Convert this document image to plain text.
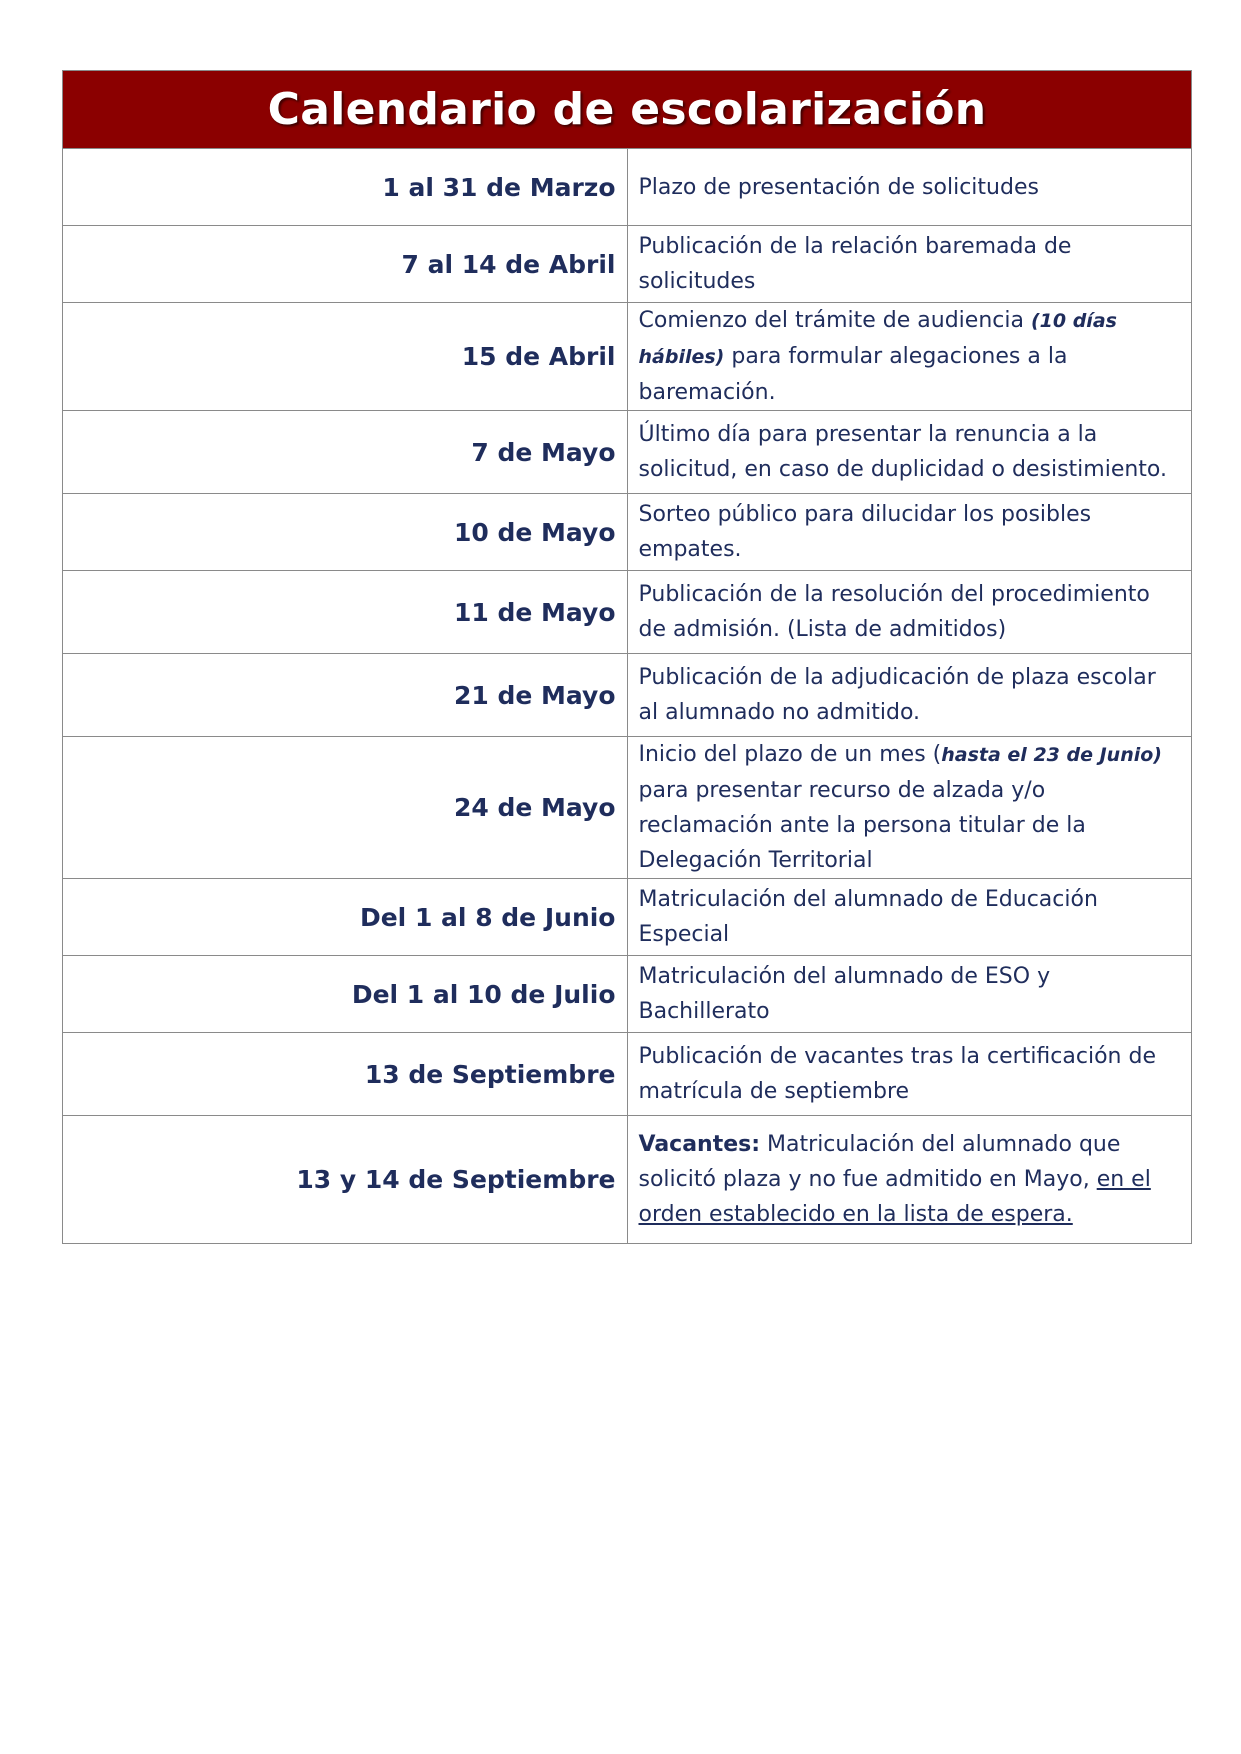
Calendario de escolarización	
1 al 31 de Marzo	Plazo de presentación de solicitudes
7 al 14 de Abril	Publicación de la relación baremada de solicitudes
15 de Abril	Comienzo del trámite de audiencia (10 días hábiles) para formular alegaciones a la baremación.
7 de Mayo	Último día para presentar la renuncia a la solicitud, en caso de duplicidad o desistimiento.
10 de Mayo	Sorteo público para dilucidar los posibles empates.
11 de Mayo	Publicación de la resolución del procedimiento de admisión. (Lista de admitidos)
21 de Mayo	Publicación de la adjudicación de plaza escolar al alumnado no admitido.
24 de Mayo	Inicio del plazo de un mes (hasta el 23 de Junio) para presentar recurso de alzada y/o reclamación ante la persona titular de la Delegación Territorial
Del 1 al 8 de Junio	Matriculación del alumnado de Educación Especial
Del 1 al 10 de Julio	Matriculación del alumnado de ESO y Bachillerato
13 de Septiembre	Publicación de vacantes tras la certificación de matrícula de septiembre
13 y 14 de Septiembre	Vacantes: Matriculación del alumnado que solicitó plaza y no fue admitido en Mayo, en el orden establecido en la lista de espera.
